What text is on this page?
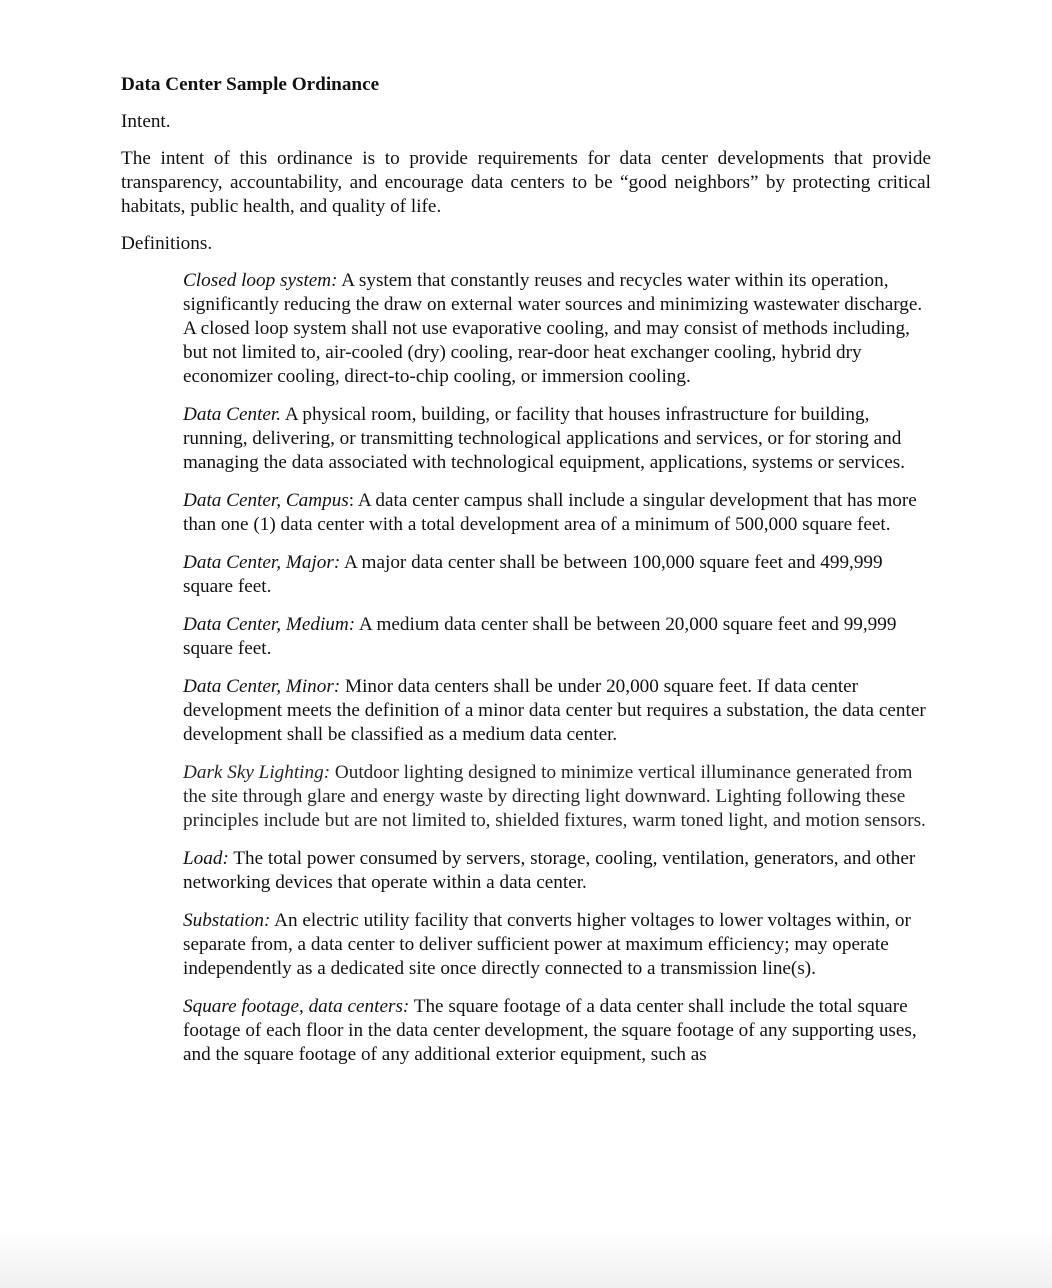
Data Center Sample Ordinance
Intent.
The intent of this ordinance is to provide requirements for data center developments that provide transparency, accountability, and encourage data centers to be “good neighbors” by protecting critical habitats, public health, and quality of life.
Definitions.
Closed loop system: A system that constantly reuses and recycles water within its operation, significantly reducing the draw on external water sources and minimizing wastewater discharge. A closed loop system shall not use evaporative cooling, and may consist of methods including, but not limited to, air-cooled (dry) cooling, rear-door heat exchanger cooling, hybrid dry economizer cooling, direct-to-chip cooling, or immersion cooling.
Data Center. A physical room, building, or facility that houses infrastructure for building, running, delivering, or transmitting technological applications and services, or for storing and managing the data associated with technological equipment, applications, systems or services.
Data Center, Campus: A data center campus shall include a singular development that has more than one (1) data center with a total development area of a minimum of 500,000 square feet.
Data Center, Major: A major data center shall be between 100,000 square feet and 499,999 square feet.
Data Center, Medium: A medium data center shall be between 20,000 square feet and 99,999 square feet.
Data Center, Minor: Minor data centers shall be under 20,000 square feet. If data center development meets the definition of a minor data center but requires a substation, the data center development shall be classified as a medium data center.
Dark Sky Lighting: Outdoor lighting designed to minimize vertical illuminance generated from the site through glare and energy waste by directing light downward. Lighting following these principles include but are not limited to, shielded fixtures, warm toned light, and motion sensors.
Load: The total power consumed by servers, storage, cooling, ventilation, generators, and other networking devices that operate within a data center.
Substation: An electric utility facility that converts higher voltages to lower voltages within, or separate from, a data center to deliver sufficient power at maximum efficiency; may operate independently as a dedicated site once directly connected to a transmission line(s).
Square footage, data centers: The square footage of a data center shall include the total square footage of each floor in the data center development, the square footage of any supporting uses, and the square footage of any additional exterior equipment, such as
